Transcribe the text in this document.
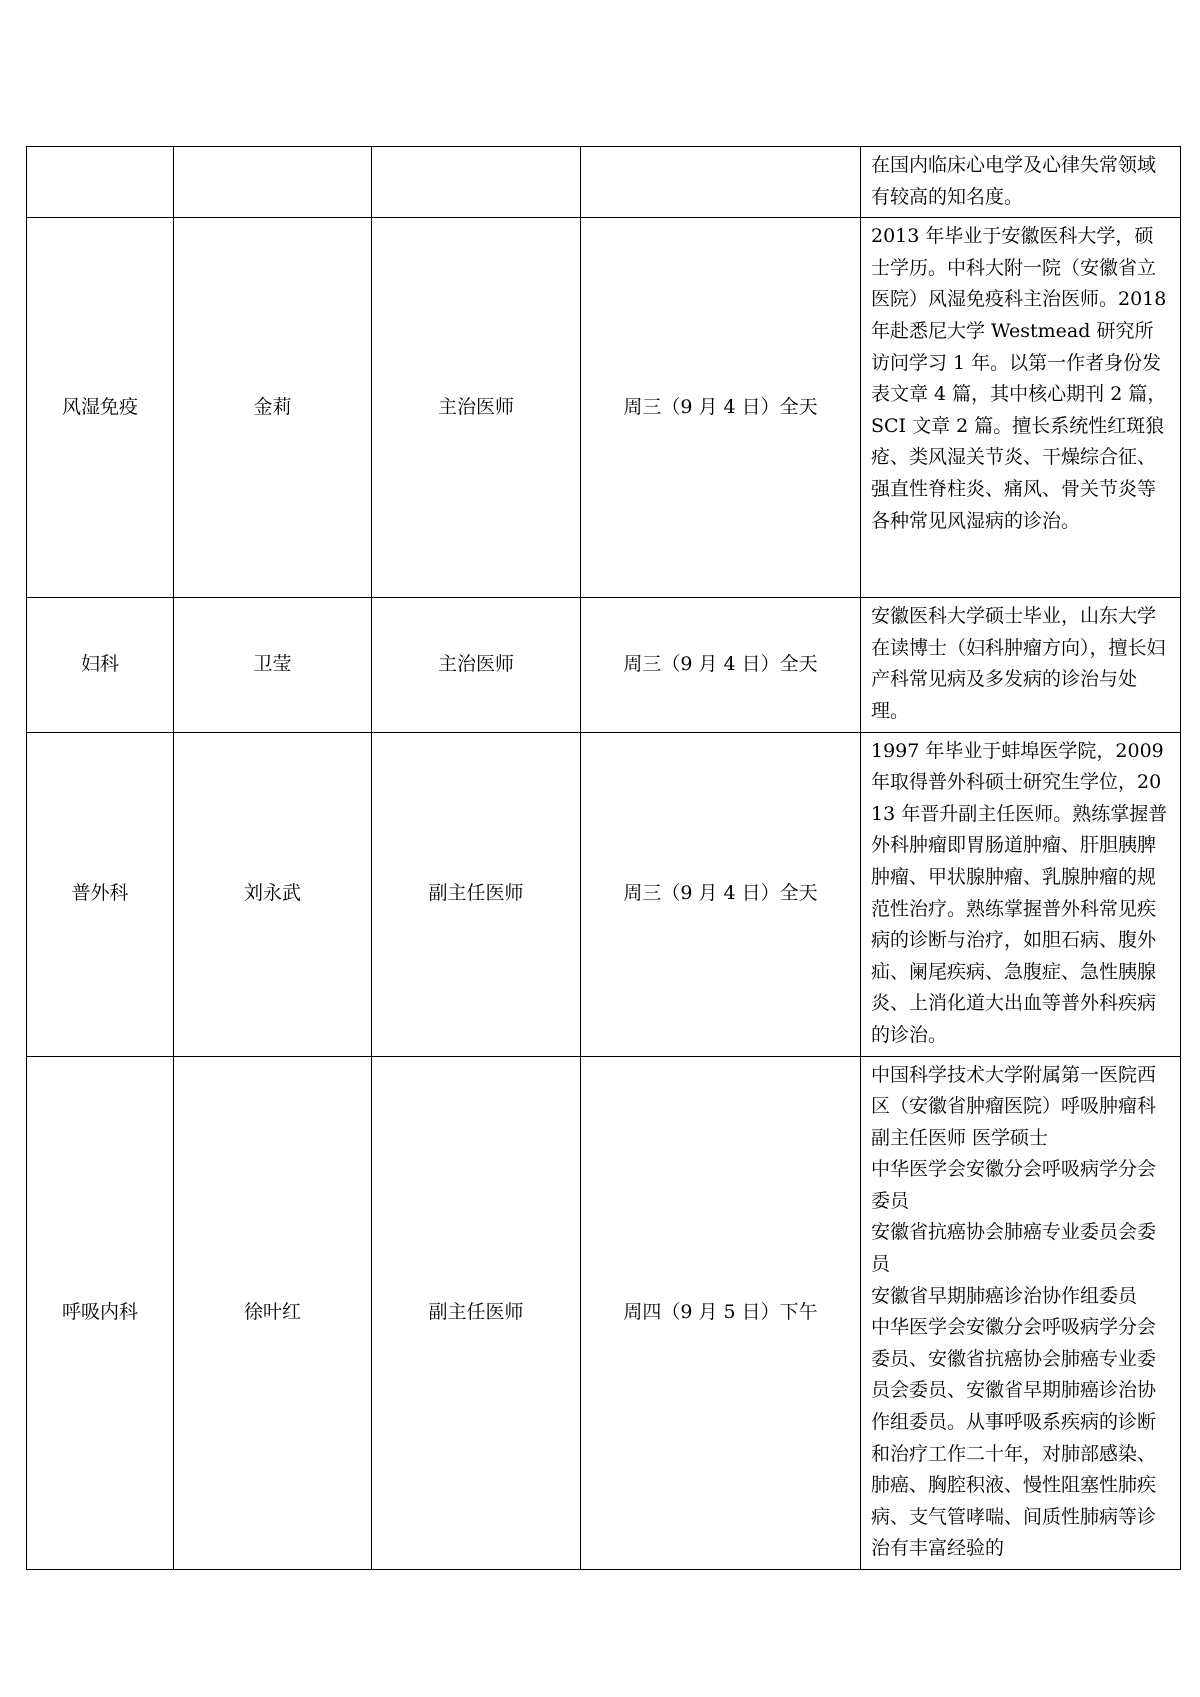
				在国内临床心电学及心律失常领域有较高的知名度。

风湿免疫	金莉	主治医师	周三（9 月 4 日）全天	2013 年毕业于安徽医科大学，硕士学历。中科大附一院（安徽省立医院）风湿免疫科主治医师。2018 年赴悉尼大学 Westmead 研究所访问学习 1 年。以第一作者身份发表文章 4 篇，其中核心期刊 2 篇， SCI 文章 2 篇。擅长系统性红斑狼疮、类风湿关节炎、干燥综合征、强直性脊柱炎、痛风、骨关节炎等各种常见风湿病的诊治。

妇科	卫莹	主治医师	周三（9 月 4 日）全天	安徽医科大学硕士毕业，山东大学在读博士（妇科肿瘤方向），擅长妇产科常见病及多发病的诊治与处理。

普外科	刘永武	副主任医师	周三（9 月 4 日）全天	1997 年毕业于蚌埠医学院，2009 年取得普外科硕士研究生学位，2013 年晋升副主任医师。熟练掌握普外科肿瘤即胃肠道肿瘤、肝胆胰脾肿瘤、甲状腺肿瘤、乳腺肿瘤的规范性治疗。熟练掌握普外科常见疾病的诊断与治疗，如胆石病、腹外疝、阑尾疾病、急腹症、急性胰腺炎、上消化道大出血等普外科疾病的诊治。

呼吸内科	徐叶红	副主任医师	周四（9 月 5 日）下午	中国科学技术大学附属第一医院西区（安徽省肿瘤医院）呼吸肿瘤科 副主任医师 医学硕士
中华医学会安徽分会呼吸病学分会委员
安徽省抗癌协会肺癌专业委员会委员
安徽省早期肺癌诊治协作组委员
中华医学会安徽分会呼吸病学分会委员、安徽省抗癌协会肺癌专业委员会委员、安徽省早期肺癌诊治协作组委员。从事呼吸系疾病的诊断和治疗工作二十年，对肺部感染、肺癌、胸腔积液、慢性阻塞性肺疾病、支气管哮喘、间质性肺病等诊治有丰富经验的
